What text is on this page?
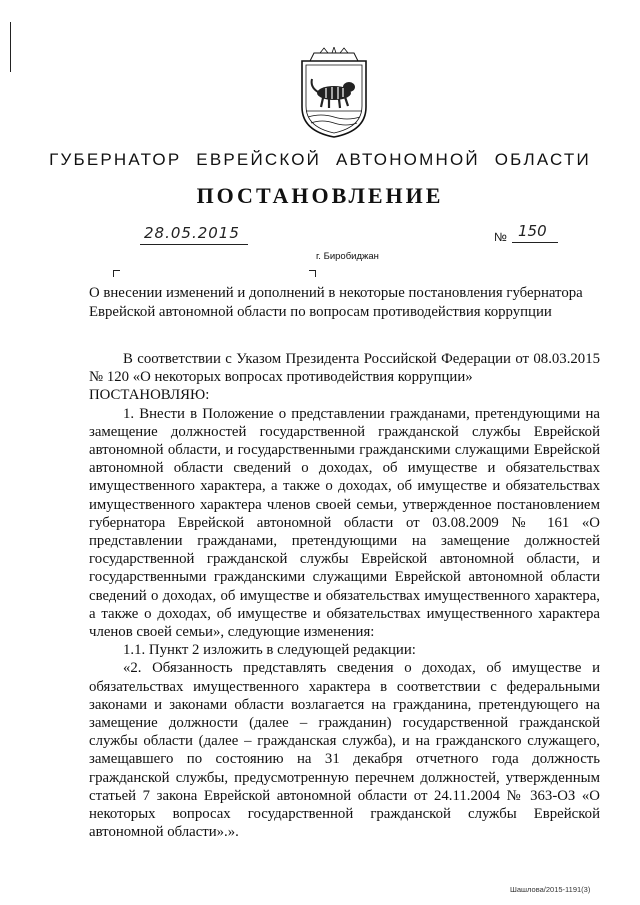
ГУБЕРНАТОР ЕВРЕЙСКОЙ АВТОНОМНОЙ ОБЛАСТИ
ПОСТАНОВЛЕНИЕ
28.05.2015	№ 150
г. Биробиджан
О внесении изменений и дополнений в некоторые постановления губернатора
Еврейской автономной области по вопросам противодействия коррупции

В соответствии с Указом Президента Российской Федерации от 08.03.2015 № 120 «О некоторых вопросах противодействия коррупции»

ПОСТАНОВЛЯЮ:

1. Внести в Положение о представлении гражданами, претендующими на замещение должностей государственной гражданской службы Еврейской автономной области, и государственными гражданскими служащими Еврейской автономной области сведений о доходах, об имуществе и обязательствах имущественного характера, а также о доходах, об имуществе и обязательствах имущественного характера членов своей семьи, утвержденное постановлением губернатора Еврейской автономной области от 03.08.2009 № 161 «О представлении гражданами, претендующими на замещение должностей государственной гражданской службы Еврейской автономной области, и государственными гражданскими служащими Еврейской автономной области сведений о доходах, об имуществе и обязательствах имущественного характера, а также о доходах, об имуществе и обязательствах имущественного характера членов своей семьи», следующие изменения:

1.1. Пункт 2 изложить в следующей редакции:

«2. Обязанность представлять сведения о доходах, об имуществе и обязательствах имущественного характера в соответствии с федеральными законами и законами области возлагается на гражданина, претендующего на замещение должности (далее – гражданин) государственной гражданской службы области (далее – гражданская служба), и на гражданского служащего, замещавшего по состоянию на 31 декабря отчетного года должность гражданской службы, предусмотренную перечнем должностей, утвержденным статьей 7 закона Еврейской автономной области от 24.11.2004 № 363-ОЗ «О некоторых вопросах государственной гражданской службы Еврейской автономной области».».

Шашлова/2015-1191(3)
